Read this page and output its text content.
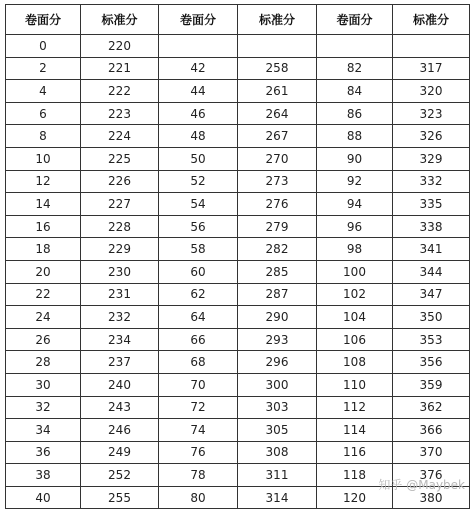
卷面分	标准分	卷面分	标准分	卷面分	标准分
0	220				
2	221	42	258	82	317
4	222	44	261	84	320
6	223	46	264	86	323
8	224	48	267	88	326
10	225	50	270	90	329
12	226	52	273	92	332
14	227	54	276	94	335
16	228	56	279	96	338
18	229	58	282	98	341
20	230	60	285	100	344
22	231	62	287	102	347
24	232	64	290	104	350
26	234	66	293	106	353
28	237	68	296	108	356
30	240	70	300	110	359
32	243	72	303	112	362
34	246	74	305	114	366
36	249	76	308	116	370
38	252	78	311	118	376
40	255	80	314	120	380
知乎 @Maybek
